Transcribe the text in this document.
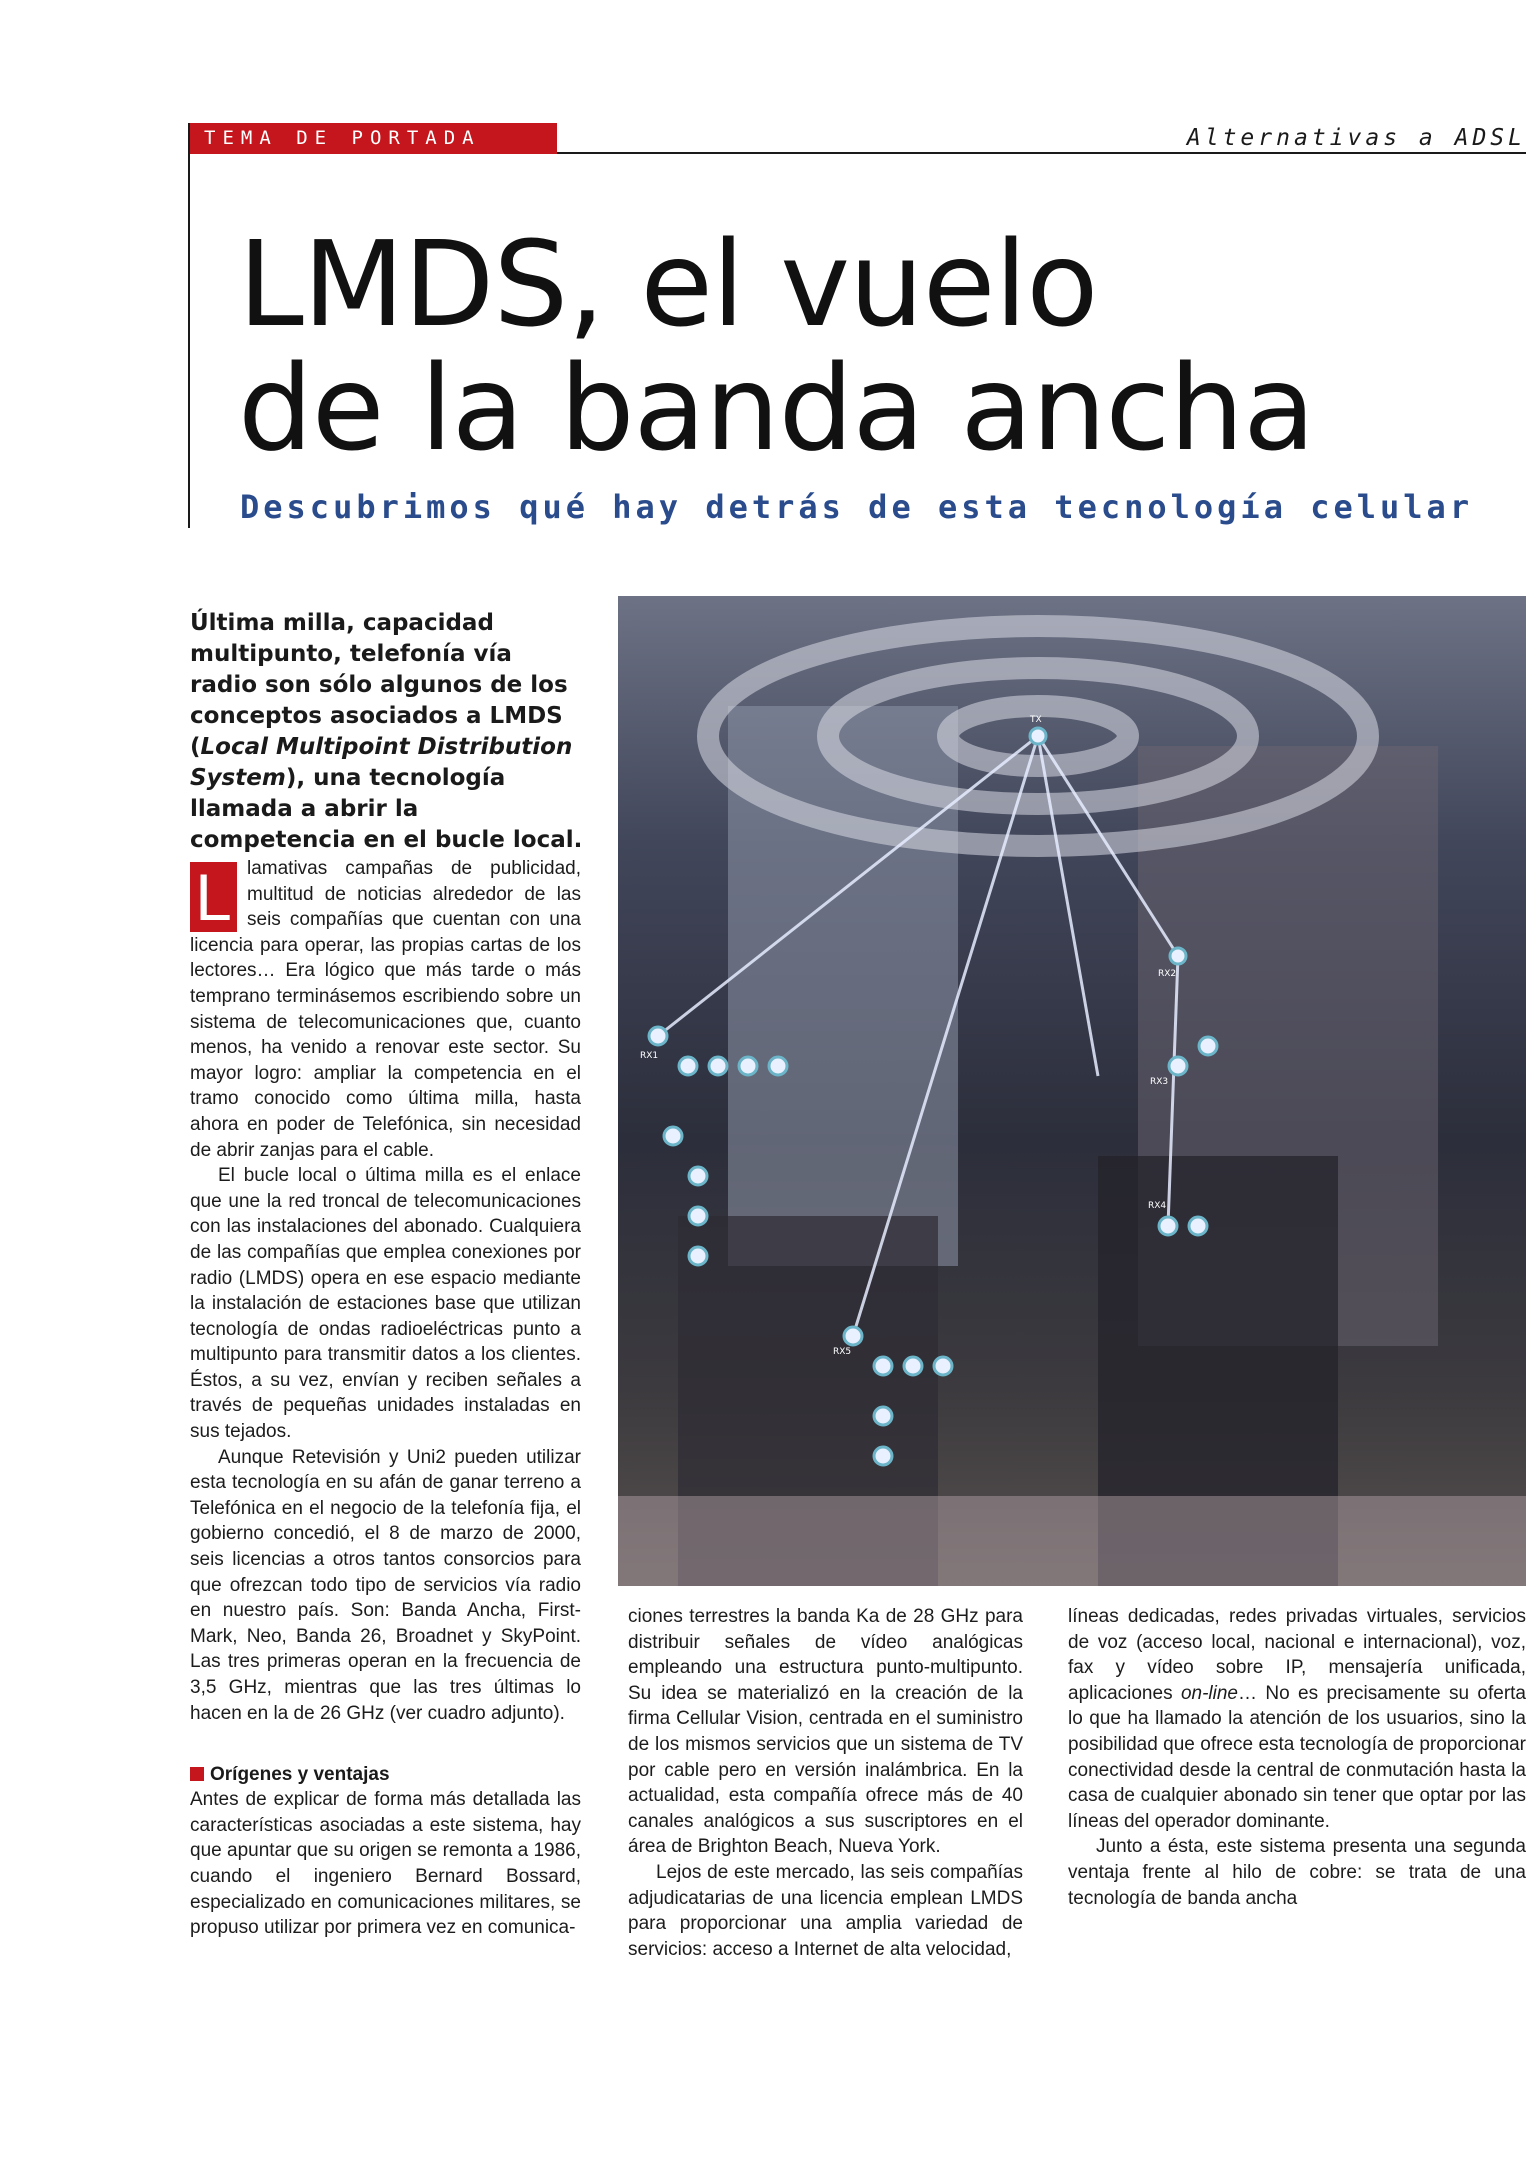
TEMA DE PORTADA	Alternativas a ADSL
LMDS, el vuelo
de la banda ancha
Descubrimos qué hay detrás de esta tecnología celular
Última milla, capacidad multipunto, telefonía vía radio son sólo algunos de los conceptos asociados a LMDS (Local Multipoint Distribution System), una tecnología llamada a abrir la competencia en el bucle local.
TX
RX1
RX2
RX3
RX4
RX5
Imagen cedida por SkyPoint

L lamativas campañas de publicidad, multitud de noticias alrededor de las seis compañías que cuentan con una licencia para operar, las propias cartas de los lectores… Era lógico que más tarde o más temprano terminásemos escribiendo sobre un sistema de telecomunicaciones que, cuanto menos, ha venido a renovar este sector. Su mayor logro: ampliar la competencia en el tramo conocido como última milla, hasta ahora en poder de Telefónica, sin necesidad de abrir zanjas para el cable.

El bucle local o última milla es el enlace que une la red troncal de telecomunicaciones con las instalaciones del abonado. Cualquiera de las compañías que emplea conexiones por radio (LMDS) opera en ese espacio mediante la instalación de estaciones base que utilizan tecnología de ondas radioeléctricas punto a multipunto para transmitir datos a los clientes. Éstos, a su vez, envían y reciben señales a través de pequeñas unidades instaladas en sus tejados.

Aunque Retevisión y Uni2 pueden utilizar esta tecnología en su afán de ganar terreno a Telefónica en el negocio de la telefonía fija, el gobierno concedió, el 8 de marzo de 2000, seis licencias a otros tantos consorcios para que ofrezcan todo tipo de servicios vía radio en nuestro país. Son: Banda Ancha, First-Mark, Neo, Banda 26, Broadnet y SkyPoint. Las tres primeras operan en la frecuencia de 3,5 GHz, mientras que las tres últimas lo hacen en la de 26 GHz (ver cuadro adjunto).

Orígenes y ventajas

Antes de explicar de forma más detallada las características asociadas a este sistema, hay que apuntar que su origen se remonta a 1986, cuando el ingeniero Bernard Bossard, especializado en comunicaciones militares, se propuso utilizar por primera vez en comunica-

ciones terrestres la banda Ka de 28 GHz para distribuir señales de vídeo analógicas empleando una estructura punto-multipunto. Su idea se materializó en la creación de la firma Cellular Vision, centrada en el suministro de los mismos servicios que un sistema de TV por cable pero en versión inalámbrica. En la actualidad, esta compañía ofrece más de 40 canales analógicos a sus suscriptores en el área de Brighton Beach, Nueva York.

Lejos de este mercado, las seis compañías adjudicatarias de una licencia emplean LMDS para proporcionar una amplia variedad de servicios: acceso a Internet de alta velocidad,

líneas dedicadas, redes privadas virtuales, servicios de voz (acceso local, nacional e internacional), voz, fax y vídeo sobre IP, mensajería unificada, aplicaciones on-line… No es precisamente su oferta lo que ha llamado la atención de los usuarios, sino la posibilidad que ofrece esta tecnología de proporcionar conectividad desde la central de conmutación hasta la casa de cualquier abonado sin tener que optar por las líneas del operador dominante.

Junto a ésta, este sistema presenta una segunda ventaja frente al hilo de cobre: se trata de una tecnología de banda ancha
